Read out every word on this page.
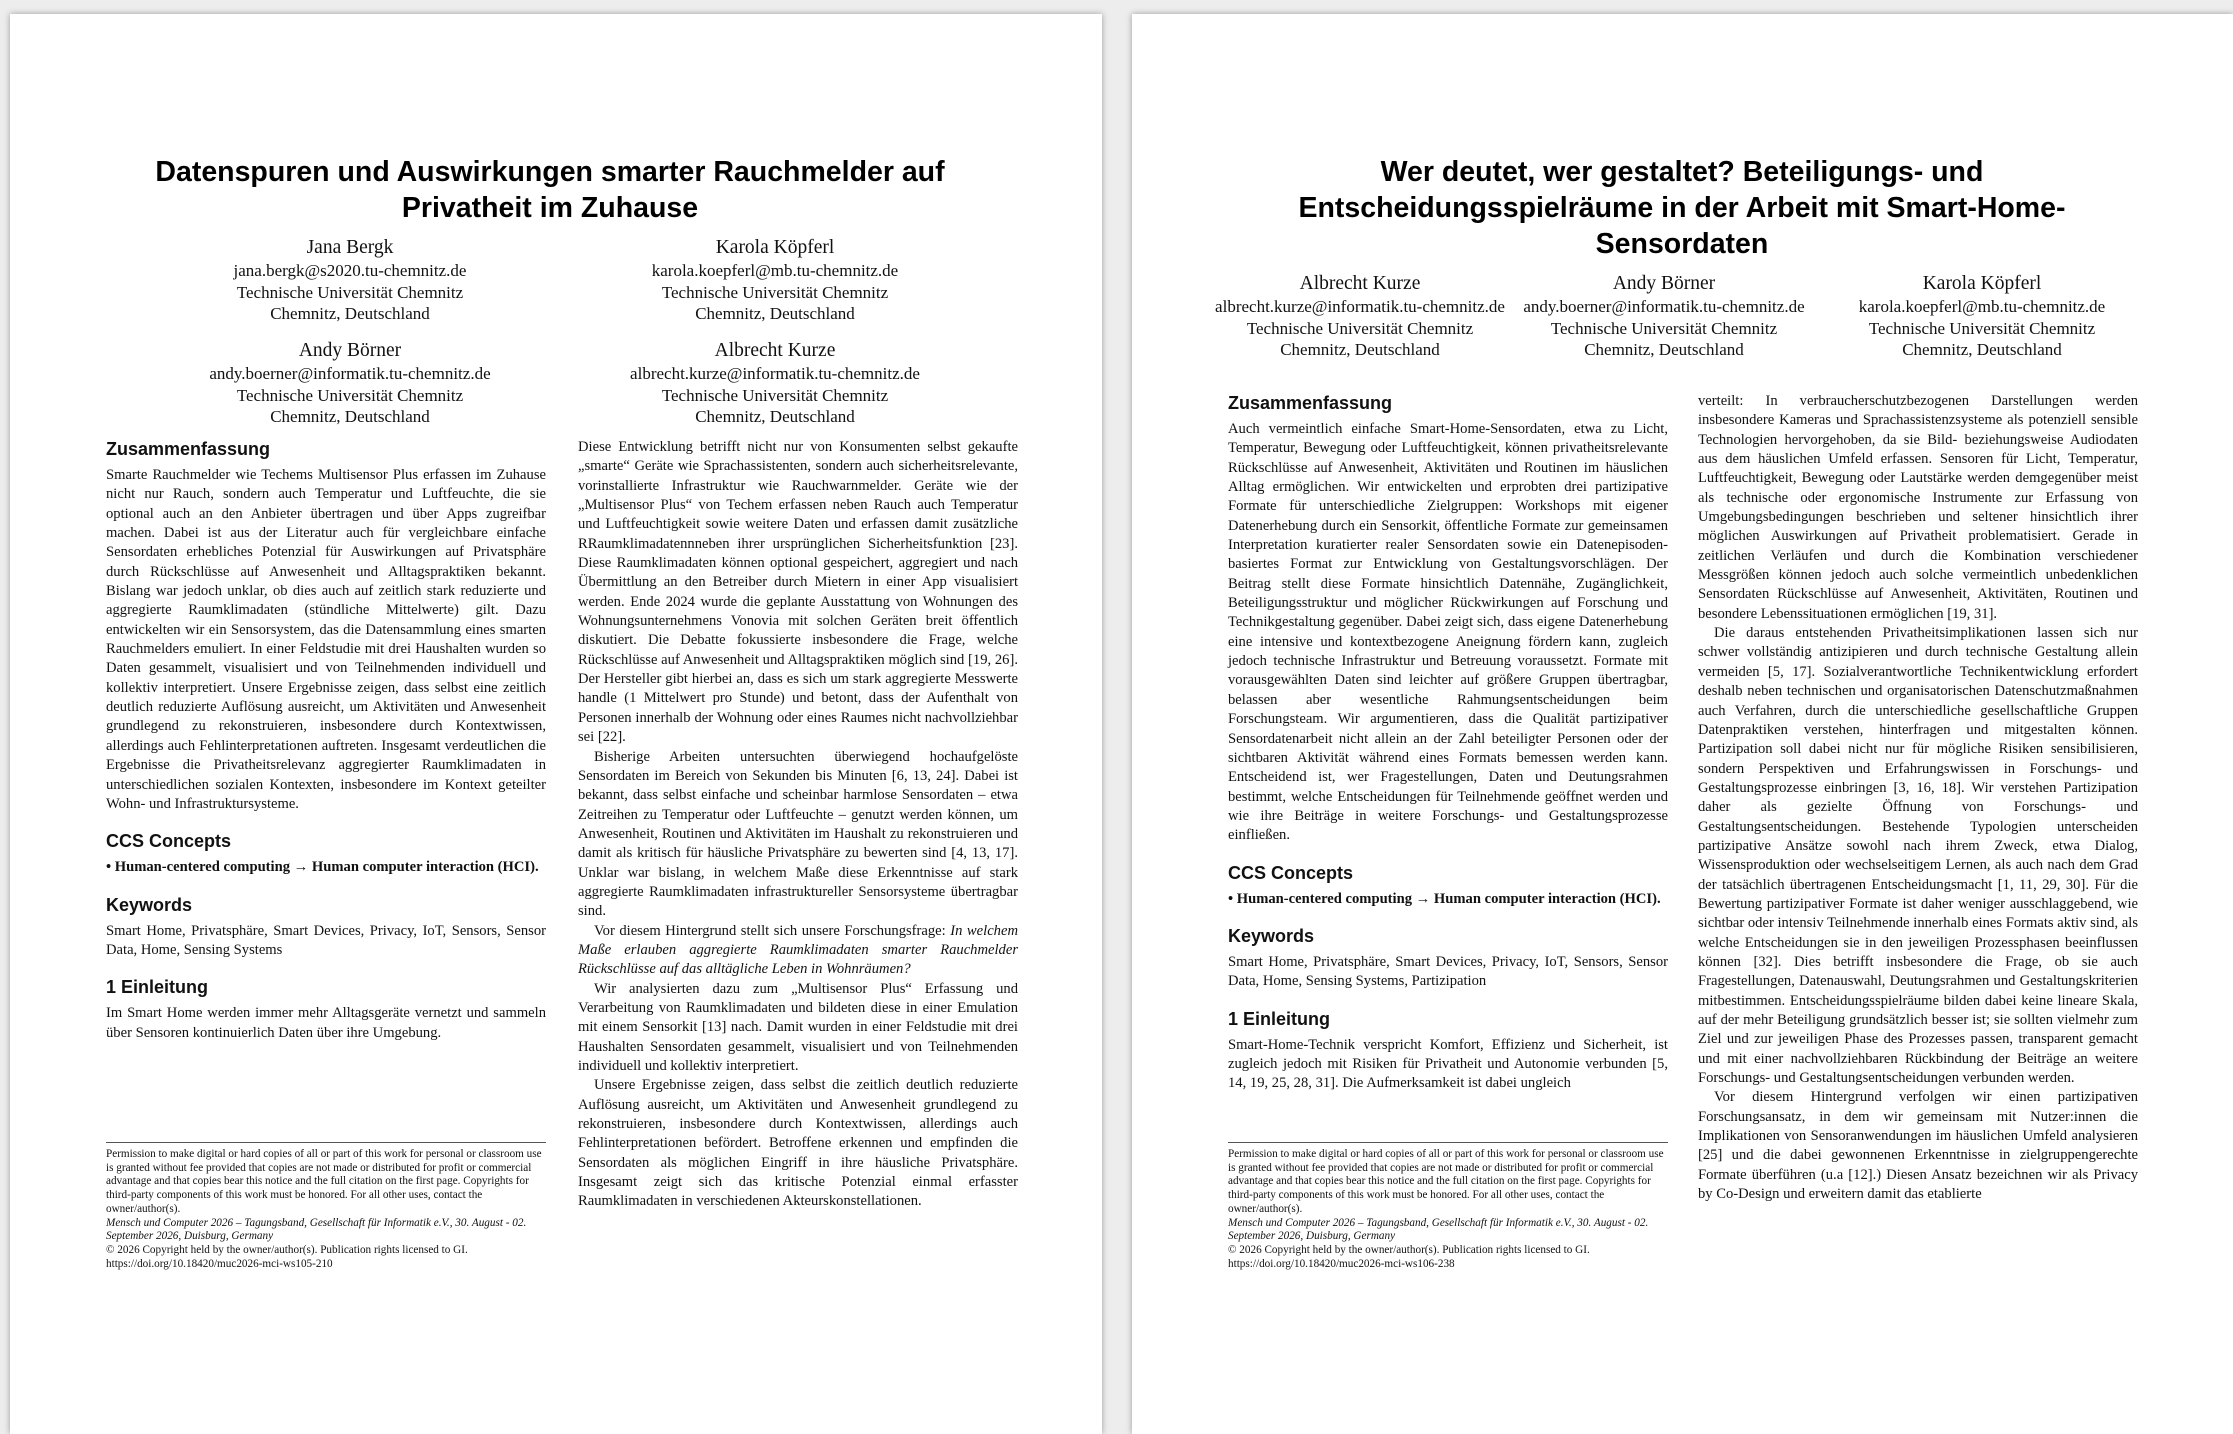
Datenspuren und Auswirkungen smarter Rauchmelder auf Privatheit im Zuhause
Jana Bergk
jana.bergk@s2020.tu-chemnitz.de
Technische Universität Chemnitz
Chemnitz, Deutschland
Karola Köpferl
karola.koepferl@mb.tu-chemnitz.de
Technische Universität Chemnitz
Chemnitz, Deutschland
Andy Börner
andy.boerner@informatik.tu-chemnitz.de
Technische Universität Chemnitz
Chemnitz, Deutschland
Albrecht Kurze
albrecht.kurze@informatik.tu-chemnitz.de
Technische Universität Chemnitz
Chemnitz, Deutschland
Zusammenfassung

Smarte Rauchmelder wie Techems Multisensor Plus erfassen im Zuhause nicht nur Rauch, sondern auch Temperatur und Luftfeuchte, die sie optional auch an den Anbieter übertragen und über Apps zugreifbar machen. Dabei ist aus der Literatur auch für vergleichbare einfache Sensordaten erhebliches Potenzial für Auswirkungen auf Privatsphäre durch Rückschlüsse auf Anwesenheit und Alltagspraktiken bekannt. Bislang war jedoch unklar, ob dies auch auf zeitlich stark reduzierte und aggregierte Raumklimadaten (stündliche Mittelwerte) gilt. Dazu entwickelten wir ein Sensorsystem, das die Datensammlung eines smarten Rauchmelders emuliert. In einer Feldstudie mit drei Haushalten wurden so Daten gesammelt, visualisiert und von Teilnehmenden individuell und kollektiv interpretiert. Unsere Ergebnisse zeigen, dass selbst eine zeitlich deutlich reduzierte Auflösung ausreicht, um Aktivitäten und Anwesenheit grundlegend zu rekonstruieren, insbesondere durch Kontextwissen, allerdings auch Fehlinterpretationen auftreten. Insgesamt verdeutlichen die Ergebnisse die Privatheitsrelevanz aggregierter Raumklimadaten in unterschiedlichen sozialen Kontexten, insbesondere im Kontext geteilter Wohn- und Infrastruktursysteme.

CCS Concepts

• Human-centered computing → Human computer interaction (HCI).

Keywords

Smart Home, Privatsphäre, Smart Devices, Privacy, IoT, Sensors, Sensor Data, Home, Sensing Systems

1 Einleitung

Im Smart Home werden immer mehr Alltagsgeräte vernetzt und sammeln über Sensoren kontinuierlich Daten über ihre Umgebung.

Permission to make digital or hard copies of all or part of this work for personal or classroom use is granted without fee provided that copies are not made or distributed for profit or commercial advantage and that copies bear this notice and the full citation on the first page. Copyrights for third-party components of this work must be honored. For all other uses, contact the owner/author(s).
Mensch und Computer 2026 – Tagungsband, Gesellschaft für Informatik e.V., 30. August - 02. September 2026, Duisburg, Germany
© 2026 Copyright held by the owner/author(s). Publication rights licensed to GI.
https://doi.org/10.18420/muc2026-mci-ws105-210

Diese Entwicklung betrifft nicht nur von Konsumenten selbst gekaufte „smarte“ Geräte wie Sprachassistenten, sondern auch sicherheitsrelevante, vorinstallierte Infrastruktur wie Rauchwarnmelder. Geräte wie der „Multisensor Plus“ von Techem erfassen neben Rauch auch Temperatur und Luftfeuchtigkeit sowie weitere Daten und erfassen damit zusätzliche RRaumklimadatennneben ihrer ursprünglichen Sicherheitsfunktion [23]. Diese Raumklimadaten können optional gespeichert, aggregiert und nach Übermittlung an den Betreiber durch Mietern in einer App visualisiert werden. Ende 2024 wurde die geplante Ausstattung von Wohnungen des Wohnungsunternehmens Vonovia mit solchen Geräten breit öffentlich diskutiert. Die Debatte fokussierte insbesondere die Frage, welche Rückschlüsse auf Anwesenheit und Alltagspraktiken möglich sind [19, 26]. Der Hersteller gibt hierbei an, dass es sich um stark aggregierte Messwerte handle (1 Mittelwert pro Stunde) und betont, dass der Aufenthalt von Personen innerhalb der Wohnung oder eines Raumes nicht nachvollziehbar sei [22].

Bisherige Arbeiten untersuchten überwiegend hochaufgelöste Sensordaten im Bereich von Sekunden bis Minuten [6, 13, 24]. Dabei ist bekannt, dass selbst einfache und scheinbar harmlose Sensordaten – etwa Zeitreihen zu Temperatur oder Luftfeuchte – genutzt werden können, um Anwesenheit, Routinen und Aktivitäten im Haushalt zu rekonstruieren und damit als kritisch für häusliche Privatsphäre zu bewerten sind [4, 13, 17]. Unklar war bislang, in welchem Maße diese Erkenntnisse auf stark aggregierte Raumklimadaten infrastruktureller Sensorsysteme übertragbar sind.

Vor diesem Hintergrund stellt sich unsere Forschungsfrage: In welchem Maße erlauben aggregierte Raumklimadaten smarter Rauchmelder Rückschlüsse auf das alltägliche Leben in Wohnräumen?

Wir analysierten dazu zum „Multisensor Plus“ Erfassung und Verarbeitung von Raumklimadaten und bildeten diese in einer Emulation mit einem Sensorkit [13] nach. Damit wurden in einer Feldstudie mit drei Haushalten Sensordaten gesammelt, visualisiert und von Teilnehmenden individuell und kollektiv interpretiert.

Unsere Ergebnisse zeigen, dass selbst die zeitlich deutlich reduzierte Auflösung ausreicht, um Aktivitäten und Anwesenheit grundlegend zu rekonstruieren, insbesondere durch Kontextwissen, allerdings auch Fehlinterpretationen befördert. Betroffene erkennen und empfinden die Sensordaten als möglichen Eingriff in ihre häusliche Privatsphäre. Insgesamt zeigt sich das kritische Potenzial einmal erfasster Raumklimadaten in verschiedenen Akteurskonstellationen.

Wer deutet, wer gestaltet? Beteiligungs- und Entscheidungsspielräume in der Arbeit mit Smart-Home-Sensordaten
Albrecht Kurze
albrecht.kurze@informatik.tu-chemnitz.de
Technische Universität Chemnitz
Chemnitz, Deutschland
Andy Börner
andy.boerner@informatik.tu-chemnitz.de
Technische Universität Chemnitz
Chemnitz, Deutschland
Karola Köpferl
karola.koepferl@mb.tu-chemnitz.de
Technische Universität Chemnitz
Chemnitz, Deutschland
Zusammenfassung

Auch vermeintlich einfache Smart-Home-Sensordaten, etwa zu Licht, Temperatur, Bewegung oder Luftfeuchtigkeit, können privatheitsrelevante Rückschlüsse auf Anwesenheit, Aktivitäten und Routinen im häuslichen Alltag ermöglichen. Wir entwickelten und erprobten drei partizipative Formate für unterschiedliche Zielgruppen: Workshops mit eigener Datenerhebung durch ein Sensorkit, öffentliche Formate zur gemeinsamen Interpretation kuratierter realer Sensordaten sowie ein Datenepisoden-basiertes Format zur Entwicklung von Gestaltungsvorschlägen. Der Beitrag stellt diese Formate hinsichtlich Datennähe, Zugänglichkeit, Beteiligungsstruktur und möglicher Rückwirkungen auf Forschung und Technikgestaltung gegenüber. Dabei zeigt sich, dass eigene Datenerhebung eine intensive und kontextbezogene Aneignung fördern kann, zugleich jedoch technische Infrastruktur und Betreuung voraussetzt. Formate mit vorausgewählten Daten sind leichter auf größere Gruppen übertragbar, belassen aber wesentliche Rahmungsentscheidungen beim Forschungsteam. Wir argumentieren, dass die Qualität partizipativer Sensordatenarbeit nicht allein an der Zahl beteiligter Personen oder der sichtbaren Aktivität während eines Formats bemessen werden kann. Entscheidend ist, wer Fragestellungen, Daten und Deutungsrahmen bestimmt, welche Entscheidungen für Teilnehmende geöffnet werden und wie ihre Beiträge in weitere Forschungs- und Gestaltungsprozesse einfließen.

CCS Concepts

• Human-centered computing → Human computer interaction (HCI).

Keywords

Smart Home, Privatsphäre, Smart Devices, Privacy, IoT, Sensors, Sensor Data, Home, Sensing Systems, Partizipation

1 Einleitung

Smart-Home-Technik verspricht Komfort, Effizienz und Sicherheit, ist zugleich jedoch mit Risiken für Privatheit und Autonomie verbunden [5, 14, 19, 25, 28, 31]. Die Aufmerksamkeit ist dabei ungleich

Permission to make digital or hard copies of all or part of this work for personal or classroom use is granted without fee provided that copies are not made or distributed for profit or commercial advantage and that copies bear this notice and the full citation on the first page. Copyrights for third-party components of this work must be honored. For all other uses, contact the owner/author(s).
Mensch und Computer 2026 – Tagungsband, Gesellschaft für Informatik e.V., 30. August - 02. September 2026, Duisburg, Germany
© 2026 Copyright held by the owner/author(s). Publication rights licensed to GI.
https://doi.org/10.18420/muc2026-mci-ws106-238

verteilt: In verbraucherschutzbezogenen Darstellungen werden insbesondere Kameras und Sprachassistenzsysteme als potenziell sensible Technologien hervorgehoben, da sie Bild- beziehungsweise Audiodaten aus dem häuslichen Umfeld erfassen. Sensoren für Licht, Temperatur, Luftfeuchtigkeit, Bewegung oder Lautstärke werden demgegenüber meist als technische oder ergonomische Instrumente zur Erfassung von Umgebungsbedingungen beschrieben und seltener hinsichtlich ihrer möglichen Auswirkungen auf Privatheit problematisiert. Gerade in zeitlichen Verläufen und durch die Kombination verschiedener Messgrößen können jedoch auch solche vermeintlich unbedenklichen Sensordaten Rückschlüsse auf Anwesenheit, Aktivitäten, Routinen und besondere Lebenssituationen ermöglichen [19, 31].

Die daraus entstehenden Privatheitsimplikationen lassen sich nur schwer vollständig antizipieren und durch technische Gestaltung allein vermeiden [5, 17]. Sozialverantwortliche Technikentwicklung erfordert deshalb neben technischen und organisatorischen Datenschutzmaßnahmen auch Verfahren, durch die unterschiedliche gesellschaftliche Gruppen Datenpraktiken verstehen, hinterfragen und mitgestalten können. Partizipation soll dabei nicht nur für mögliche Risiken sensibilisieren, sondern Perspektiven und Erfahrungswissen in Forschungs- und Gestaltungsprozesse einbringen [3, 16, 18]. Wir verstehen Partizipation daher als gezielte Öffnung von Forschungs- und Gestaltungsentscheidungen. Bestehende Typologien unterscheiden partizipative Ansätze sowohl nach ihrem Zweck, etwa Dialog, Wissensproduktion oder wechselseitigem Lernen, als auch nach dem Grad der tatsächlich übertragenen Entscheidungsmacht [1, 11, 29, 30]. Für die Bewertung partizipativer Formate ist daher weniger ausschlaggebend, wie sichtbar oder intensiv Teilnehmende innerhalb eines Formats aktiv sind, als welche Entscheidungen sie in den jeweiligen Prozessphasen beeinflussen können [32]. Dies betrifft insbesondere die Frage, ob sie auch Fragestellungen, Datenauswahl, Deutungsrahmen und Gestaltungskriterien mitbestimmen. Entscheidungsspielräume bilden dabei keine lineare Skala, auf der mehr Beteiligung grundsätzlich besser ist; sie sollten vielmehr zum Ziel und zur jeweiligen Phase des Prozesses passen, transparent gemacht und mit einer nachvollziehbaren Rückbindung der Beiträge an weitere Forschungs- und Gestaltungsentscheidungen verbunden werden.

Vor diesem Hintergrund verfolgen wir einen partizipativen Forschungsansatz, in dem wir gemeinsam mit Nutzer:innen die Implikationen von Sensoranwendungen im häuslichen Umfeld analysieren [25] und die dabei gewonnenen Erkenntnisse in zielgruppengerechte Formate überführen (u.a [12].) Diesen Ansatz bezeichnen wir als Privacy by Co-Design und erweitern damit das etablierte
